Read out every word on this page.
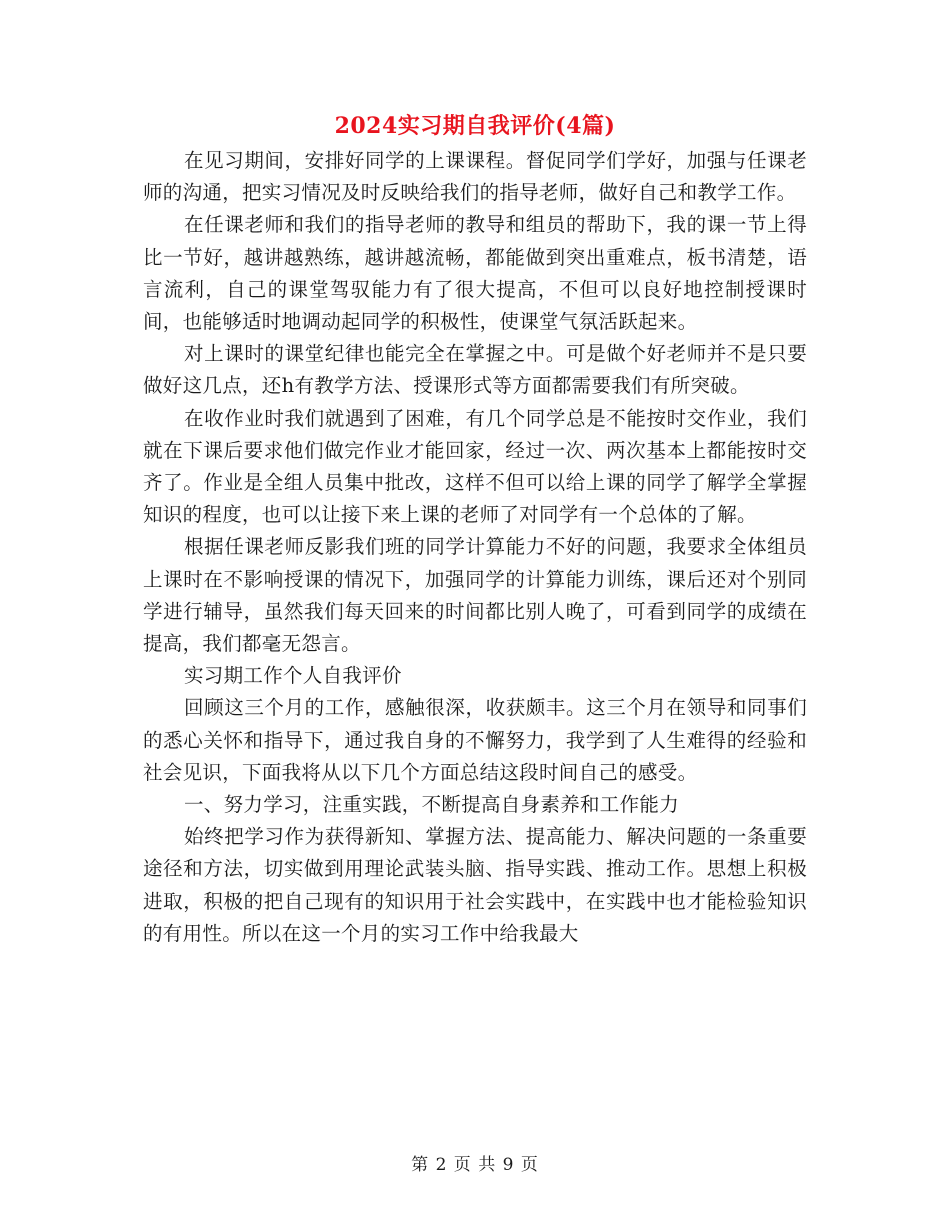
2024实习期自我评价(4篇)

在见习期间，安排好同学的上课课程。督促同学们学好，加强与任课老师的沟通，把实习情况及时反映给我们的指导老师，做好自己和教学工作。

在任课老师和我们的指导老师的教导和组员的帮助下，我的课一节上得比一节好，越讲越熟练，越讲越流畅，都能做到突出重难点，板书清楚，语言流利，自己的课堂驾驭能力有了很大提高，不但可以良好地控制授课时间，也能够适时地调动起同学的积极性，使课堂气氛活跃起来。

对上课时的课堂纪律也能完全在掌握之中。可是做个好老师并不是只要做好这几点，还h有教学方法、授课形式等方面都需要我们有所突破。

在收作业时我们就遇到了困难，有几个同学总是不能按时交作业，我们就在下课后要求他们做完作业才能回家，经过一次、两次基本上都能按时交齐了。作业是全组人员集中批改，这样不但可以给上课的同学了解学全掌握知识的程度，也可以让接下来上课的老师了对同学有一个总体的了解。

根据任课老师反影我们班的同学计算能力不好的问题，我要求全体组员上课时在不影响授课的情况下，加强同学的计算能力训练，课后还对个别同学进行辅导，虽然我们每天回来的时间都比别人晚了，可看到同学的成绩在提高，我们都毫无怨言。

实习期工作个人自我评价

回顾这三个月的工作，感触很深，收获颇丰。这三个月在领导和同事们的悉心关怀和指导下，通过我自身的不懈努力，我学到了人生难得的经验和社会见识，下面我将从以下几个方面总结这段时间自己的感受。

一、努力学习，注重实践，不断提高自身素养和工作能力

始终把学习作为获得新知、掌握方法、提高能力、解决问题的一条重要途径和方法，切实做到用理论武装头脑、指导实践、推动工作。思想上积极进取，积极的把自己现有的知识用于社会实践中，在实践中也才能检验知识的有用性。所以在这一个月的实习工作中给我最大

第 2 页 共 9 页
